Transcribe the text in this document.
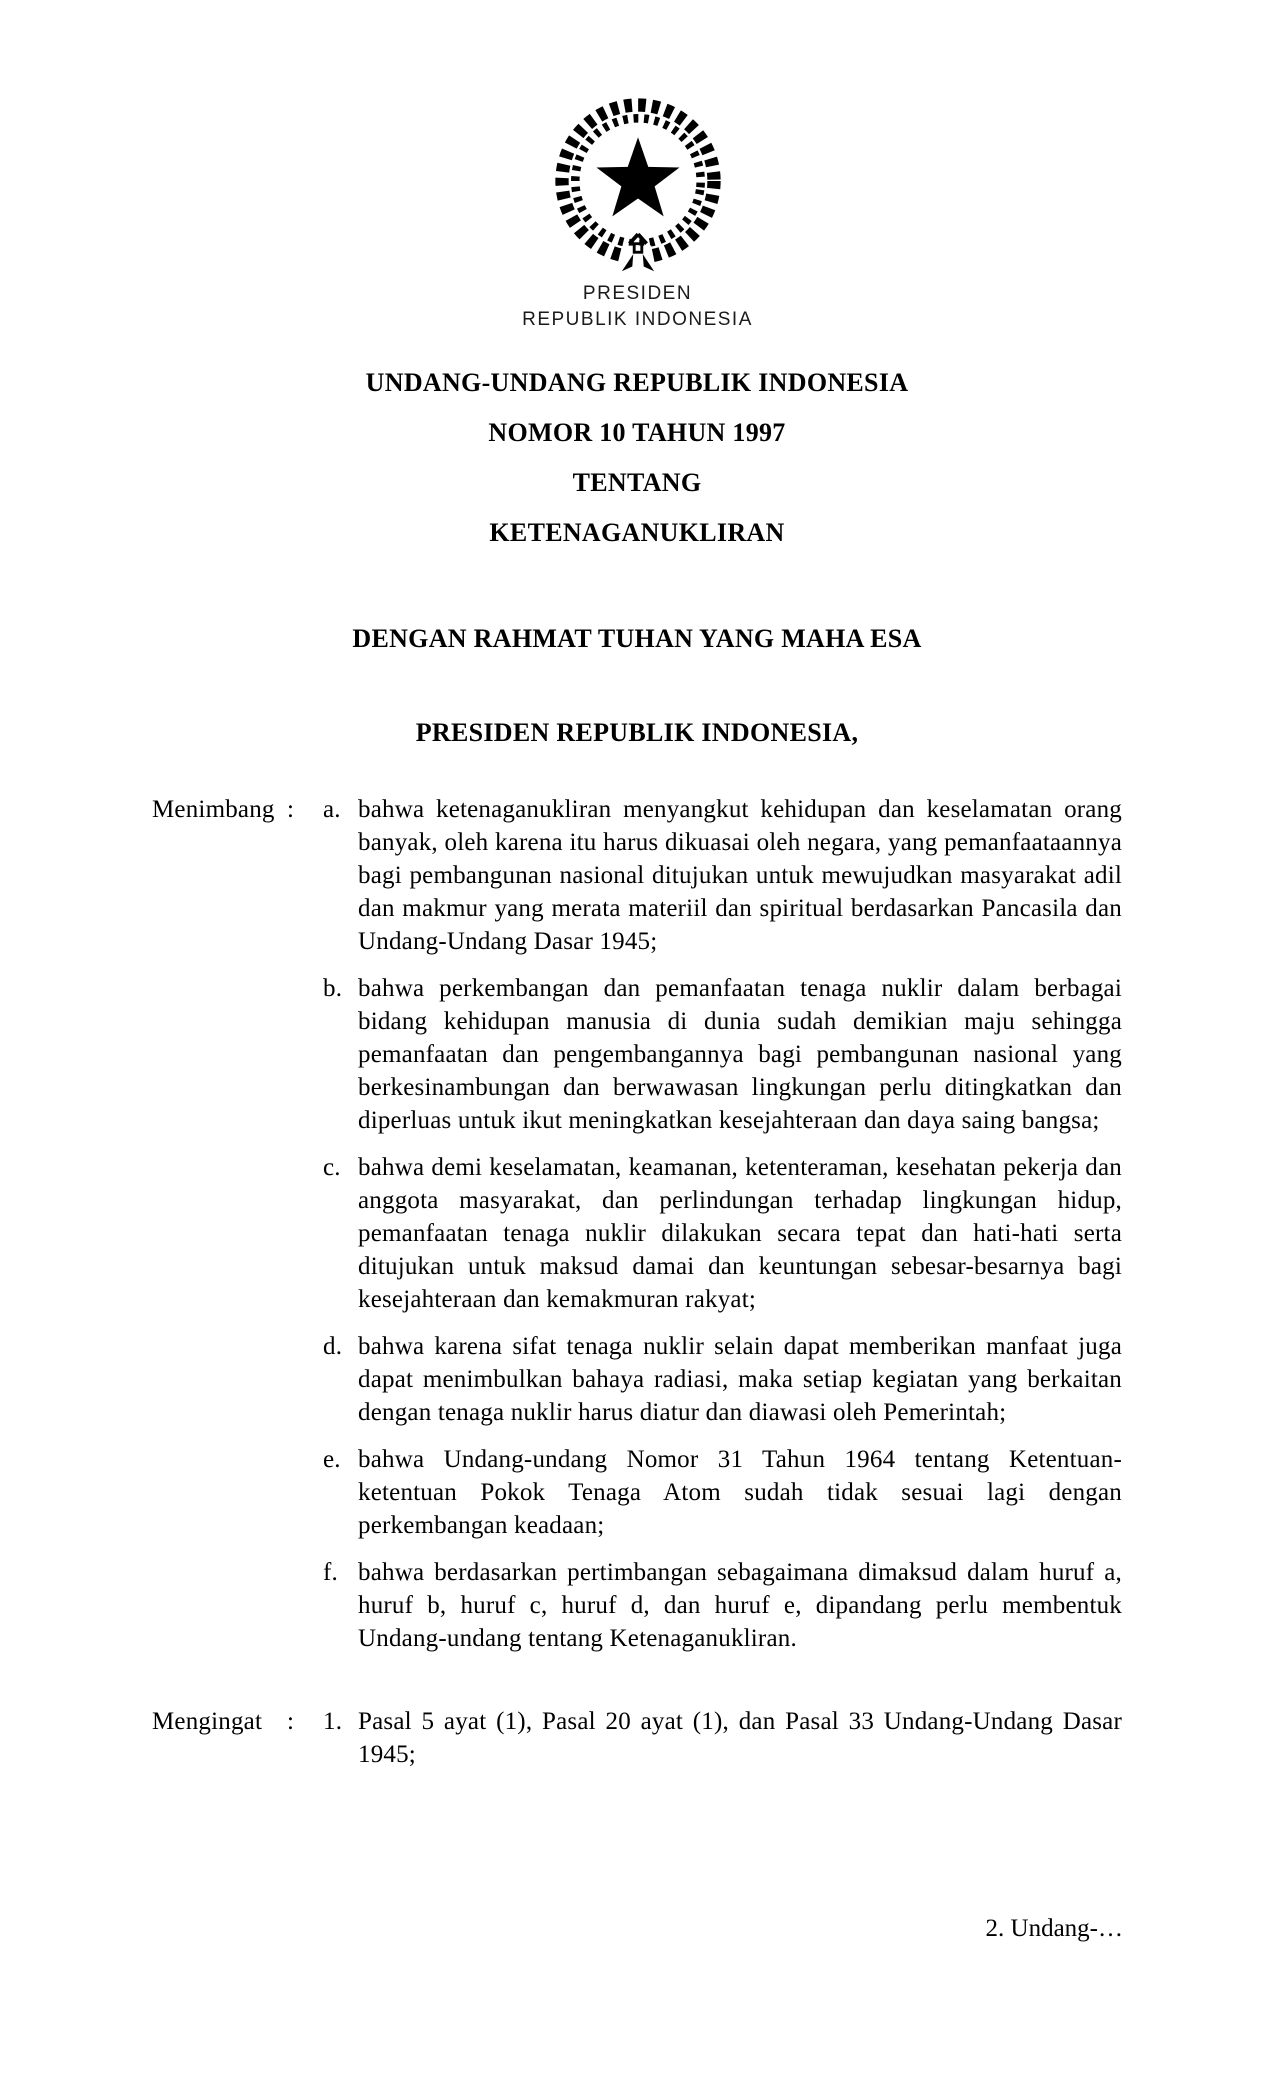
PRESIDEN
REPUBLIK INDONESIA
UNDANG-UNDANG REPUBLIK INDONESIA
NOMOR 10 TAHUN 1997
TENTANG
KETENAGANUKLIRAN
DENGAN RAHMAT TUHAN YANG MAHA ESA
PRESIDEN REPUBLIK INDONESIA,
Menimbang :	a. bahwa ketenaganukliran menyangkut kehidupan dan keselamatan orang banyak, oleh karena itu harus dikuasai oleh negara, yang pemanfaataannya bagi pembangunan nasional ditujukan untuk mewujudkan masyarakat adil dan makmur yang merata materiil dan spiritual berdasarkan Pancasila dan Undang-Undang Dasar 1945;
b. bahwa perkembangan dan pemanfaatan tenaga nuklir dalam berbagai bidang kehidupan manusia di dunia sudah demikian maju sehingga pemanfaatan dan pengembangannya bagi pembangunan nasional yang berkesinambungan dan berwawasan lingkungan perlu ditingkatkan dan diperluas untuk ikut meningkatkan kesejahteraan dan daya saing bangsa;
c. bahwa demi keselamatan, keamanan, ketenteraman, kesehatan pekerja dan anggota masyarakat, dan perlindungan terhadap lingkungan hidup, pemanfaatan tenaga nuklir dilakukan secara tepat dan hati-hati serta ditujukan untuk maksud damai dan keuntungan sebesar-besarnya bagi kesejahteraan dan kemakmuran rakyat;
d. bahwa karena sifat tenaga nuklir selain dapat memberikan manfaat juga dapat menimbulkan bahaya radiasi, maka setiap kegiatan yang berkaitan dengan tenaga nuklir harus diatur dan diawasi oleh Pemerintah;
e. bahwa Undang-undang Nomor 31 Tahun 1964 tentang Ketentuan-ketentuan Pokok Tenaga Atom sudah tidak sesuai lagi dengan perkembangan keadaan;
f. bahwa berdasarkan pertimbangan sebagaimana dimaksud dalam huruf a, huruf b, huruf c, huruf d, dan huruf e, dipandang perlu membentuk Undang-undang tentang Ketenaganukliran.
Mengingat :	1. Pasal 5 ayat (1), Pasal 20 ayat (1), dan Pasal 33 Undang-Undang Dasar 1945;
2. Undang-…
